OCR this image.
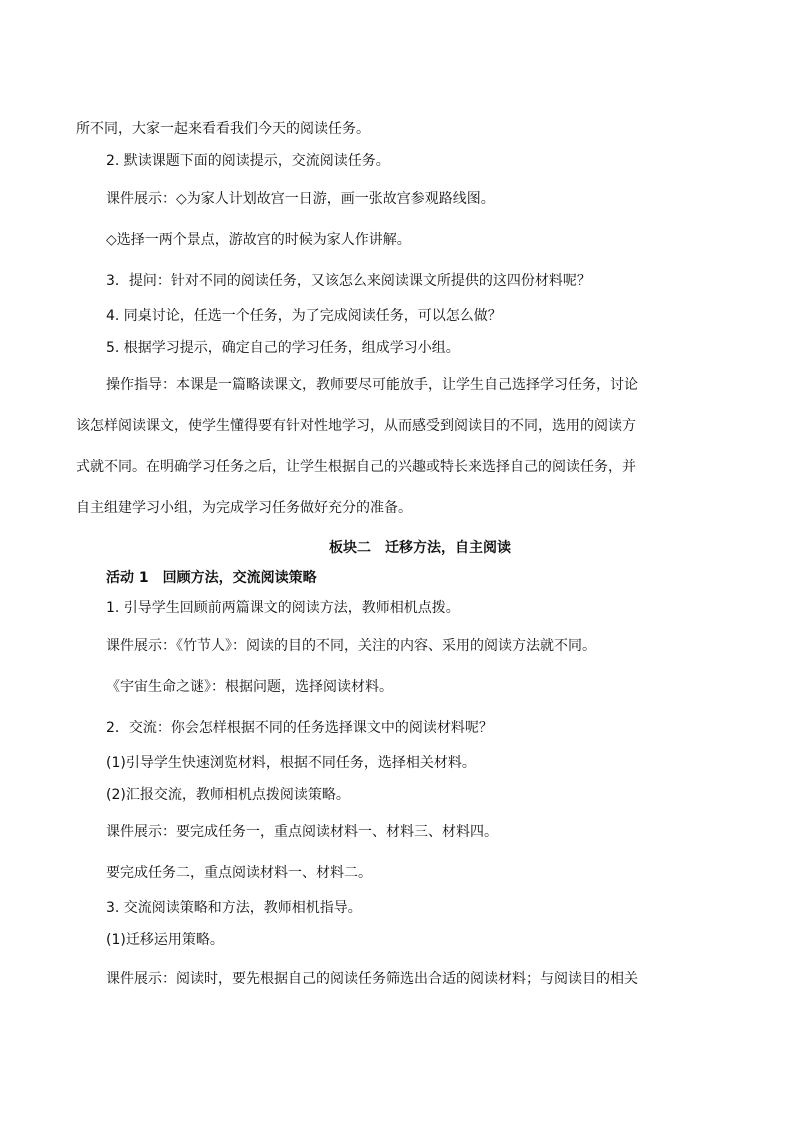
所不同，大家一起来看看我们今天的阅读任务。
2. 默读课题下面的阅读提示，交流阅读任务。
课件展示：◇为家人计划故宫一日游，画一张故宫参观路线图。
◇选择一两个景点，游故宫的时候为家人作讲解。
3．提问：针对不同的阅读任务，又该怎么来阅读课文所提供的这四份材料呢？
4. 同桌讨论，任选一个任务，为了完成阅读任务，可以怎么做？
5. 根据学习提示，确定自己的学习任务，组成学习小组。
操作指导：本课是一篇略读课文，教师要尽可能放手，让学生自己选择学习任务，讨论
该怎样阅读课文，使学生懂得要有针对性地学习，从而感受到阅读目的不同，选用的阅读方
式就不同。在明确学习任务之后，让学生根据自己的兴趣或特长来选择自己的阅读任务，并
自主组建学习小组，为完成学习任务做好充分的准备。
板块二　迁移方法，自主阅读
活动 1　回顾方法，交流阅读策略
1. 引导学生回顾前两篇课文的阅读方法，教师相机点拨。
课件展示：《竹节人》：阅读的目的不同，关注的内容、采用的阅读方法就不同。
《宇宙生命之谜》：根据问题，选择阅读材料。
2．交流：你会怎样根据不同的任务选择课文中的阅读材料呢？
(1)引导学生快速浏览材料，根据不同任务，选择相关材料。
(2)汇报交流，教师相机点拨阅读策略。
课件展示：要完成任务一，重点阅读材料一、材料三、材料四。
要完成任务二，重点阅读材料一、材料二。
3. 交流阅读策略和方法，教师相机指导。
(1)迁移运用策略。
课件展示：阅读时，要先根据自己的阅读任务筛选出合适的阅读材料；与阅读目的相关
